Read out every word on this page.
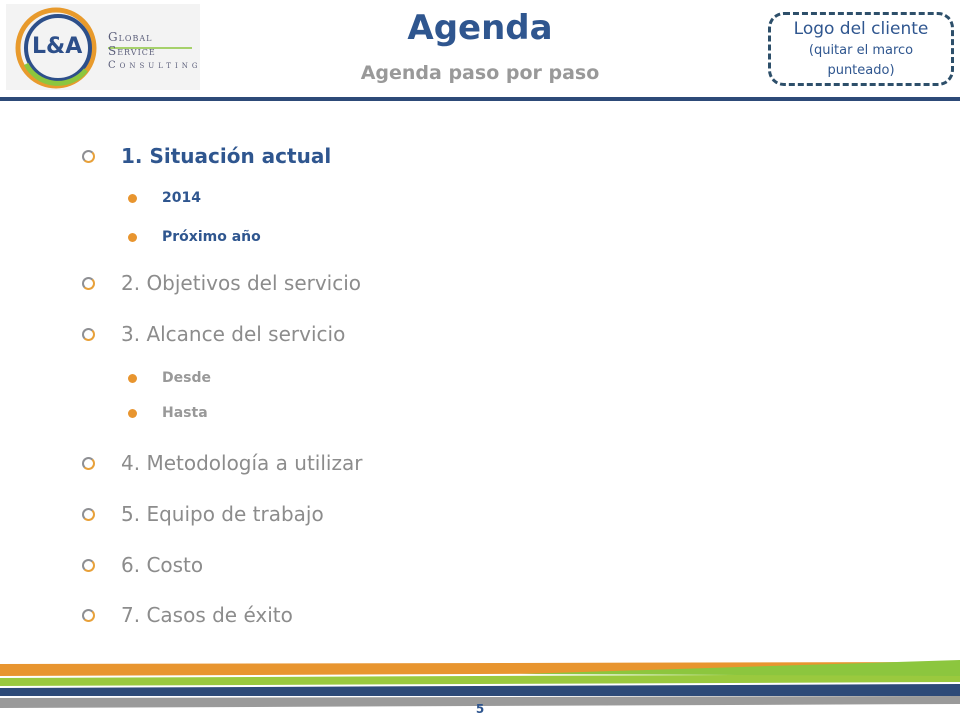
L&A Global Service
Consulting
Agenda
Agenda paso por paso
Logo del cliente
(quitar el marco punteado)
1. Situación actual
2014
Próximo año
2. Objetivos del servicio
3. Alcance del servicio
Desde
Hasta
4. Metodología a utilizar
5. Equipo de trabajo
6. Costo
7. Casos de éxito
5
